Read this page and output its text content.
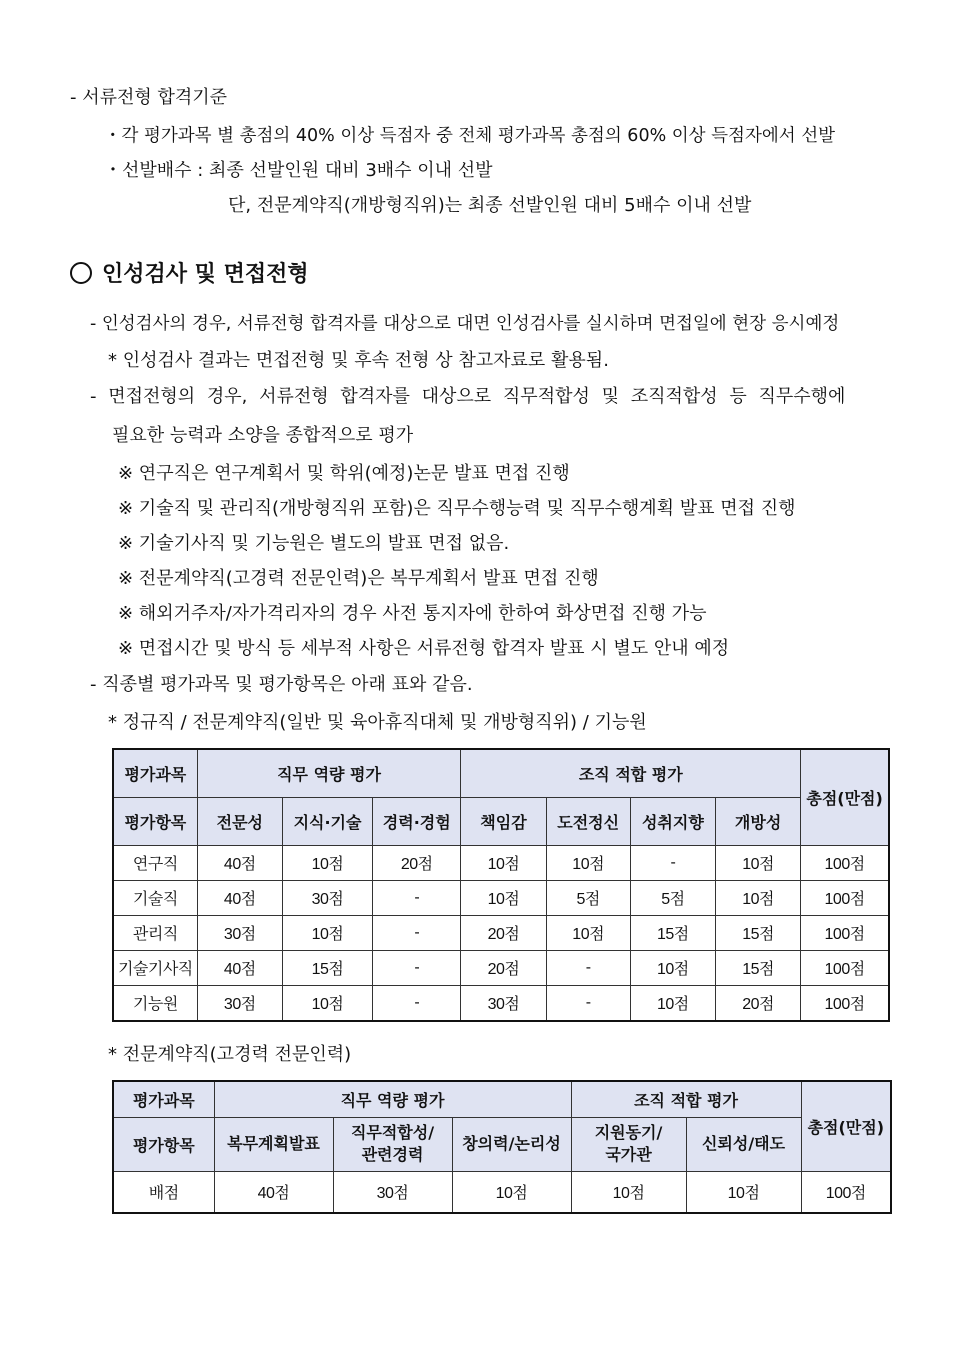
- 서류전형 합격기준
・각 평가과목 별 총점의 40% 이상 득점자 중 전체 평가과목 총점의 60% 이상 득점자에서 선발
・선발배수 : 최종 선발인원 대비 3배수 이내 선발
단, 전문계약직(개방형직위)는 최종 선발인원 대비 5배수 이내 선발
인성검사 및 면접전형
- 인성검사의 경우, 서류전형 합격자를 대상으로 대면 인성검사를 실시하며 면접일에 현장 응시예정
* 인성검사 결과는 면접전형 및 후속 전형 상 참고자료로 활용됨.
- 면접전형의 경우, 서류전형 합격자를 대상으로 직무적합성 및 조직적합성 등 직무수행에
필요한 능력과 소양을 종합적으로 평가
※ 연구직은 연구계획서 및 학위(예정)논문 발표 면접 진행
※ 기술직 및 관리직(개방형직위 포함)은 직무수행능력 및 직무수행계획 발표 면접 진행
※ 기술기사직 및 기능원은 별도의 발표 면접 없음.
※ 전문계약직(고경력 전문인력)은 복무계획서 발표 면접 진행
※ 해외거주자/자가격리자의 경우 사전 통지자에 한하여 화상면접 진행 가능
※ 면접시간 및 방식 등 세부적 사항은 서류전형 합격자 발표 시 별도 안내 예정
- 직종별 평가과목 및 평가항목은 아래 표와 같음.
* 정규직 / 전문계약직(일반 및 육아휴직대체 및 개방형직위) / 기능원
평가과목	직무 역량 평가			조직 적합 평가				총점(만점)
평가항목	전문성	지식·기술	경력·경험	책임감	도전정신	성취지향	개방성	
연구직	40점	10점	20점	10점	10점	-	10점	100점
기술직	40점	30점	-	10점	5점	5점	10점	100점
관리직	30점	10점	-	20점	10점	15점	15점	100점
기술기사직	40점	15점	-	20점	-	10점	15점	100점
기능원	30점	10점	-	30점	-	10점	20점	100점
* 전문계약직(고경력 전문인력)
평가과목	직무 역량 평가			조직 적합 평가		총점(만점)
평가항목	복무계획발표	직무적합성/ 관련경력	창의력/논리성	지원동기/ 국가관	신뢰성/태도	
배점	40점	30점	10점	10점	10점	100점
